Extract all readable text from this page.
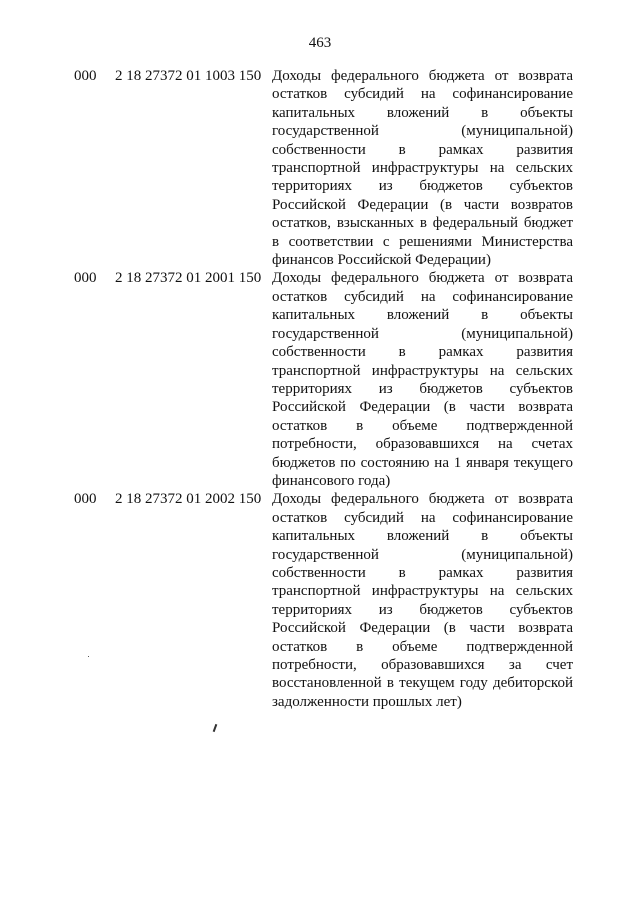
463
000 2 18 27372 01 1003 150 Доходы федерального бюджета от возврата
остатков субсидий на софинансирование
капитальных вложений в объекты
государственной (муниципальной)
собственности в рамках развития
транспортной инфраструктуры на сельских
территориях из бюджетов субъектов
Российской Федерации (в части возвратов
остатков, взысканных в федеральный бюджет
в соответствии с решениями Министерства
финансов Российской Федерации)
000 2 18 27372 01 2001 150 Доходы федерального бюджета от возврата
остатков субсидий на софинансирование
капитальных вложений в объекты
государственной (муниципальной)
собственности в рамках развития
транспортной инфраструктуры на сельских
территориях из бюджетов субъектов
Российской Федерации (в части возврата
остатков в объеме подтвержденной
потребности, образовавшихся на счетах
бюджетов по состоянию на 1 января текущего
финансового года)
000 2 18 27372 01 2002 150 Доходы федерального бюджета от возврата
остатков субсидий на софинансирование
капитальных вложений в объекты
государственной (муниципальной)
собственности в рамках развития
транспортной инфраструктуры на сельских
территориях из бюджетов субъектов
Российской Федерации (в части возврата
остатков в объеме подтвержденной
потребности, образовавшихся за счет
восстановленной в текущем году дебиторской
задолженности прошлых лет)
